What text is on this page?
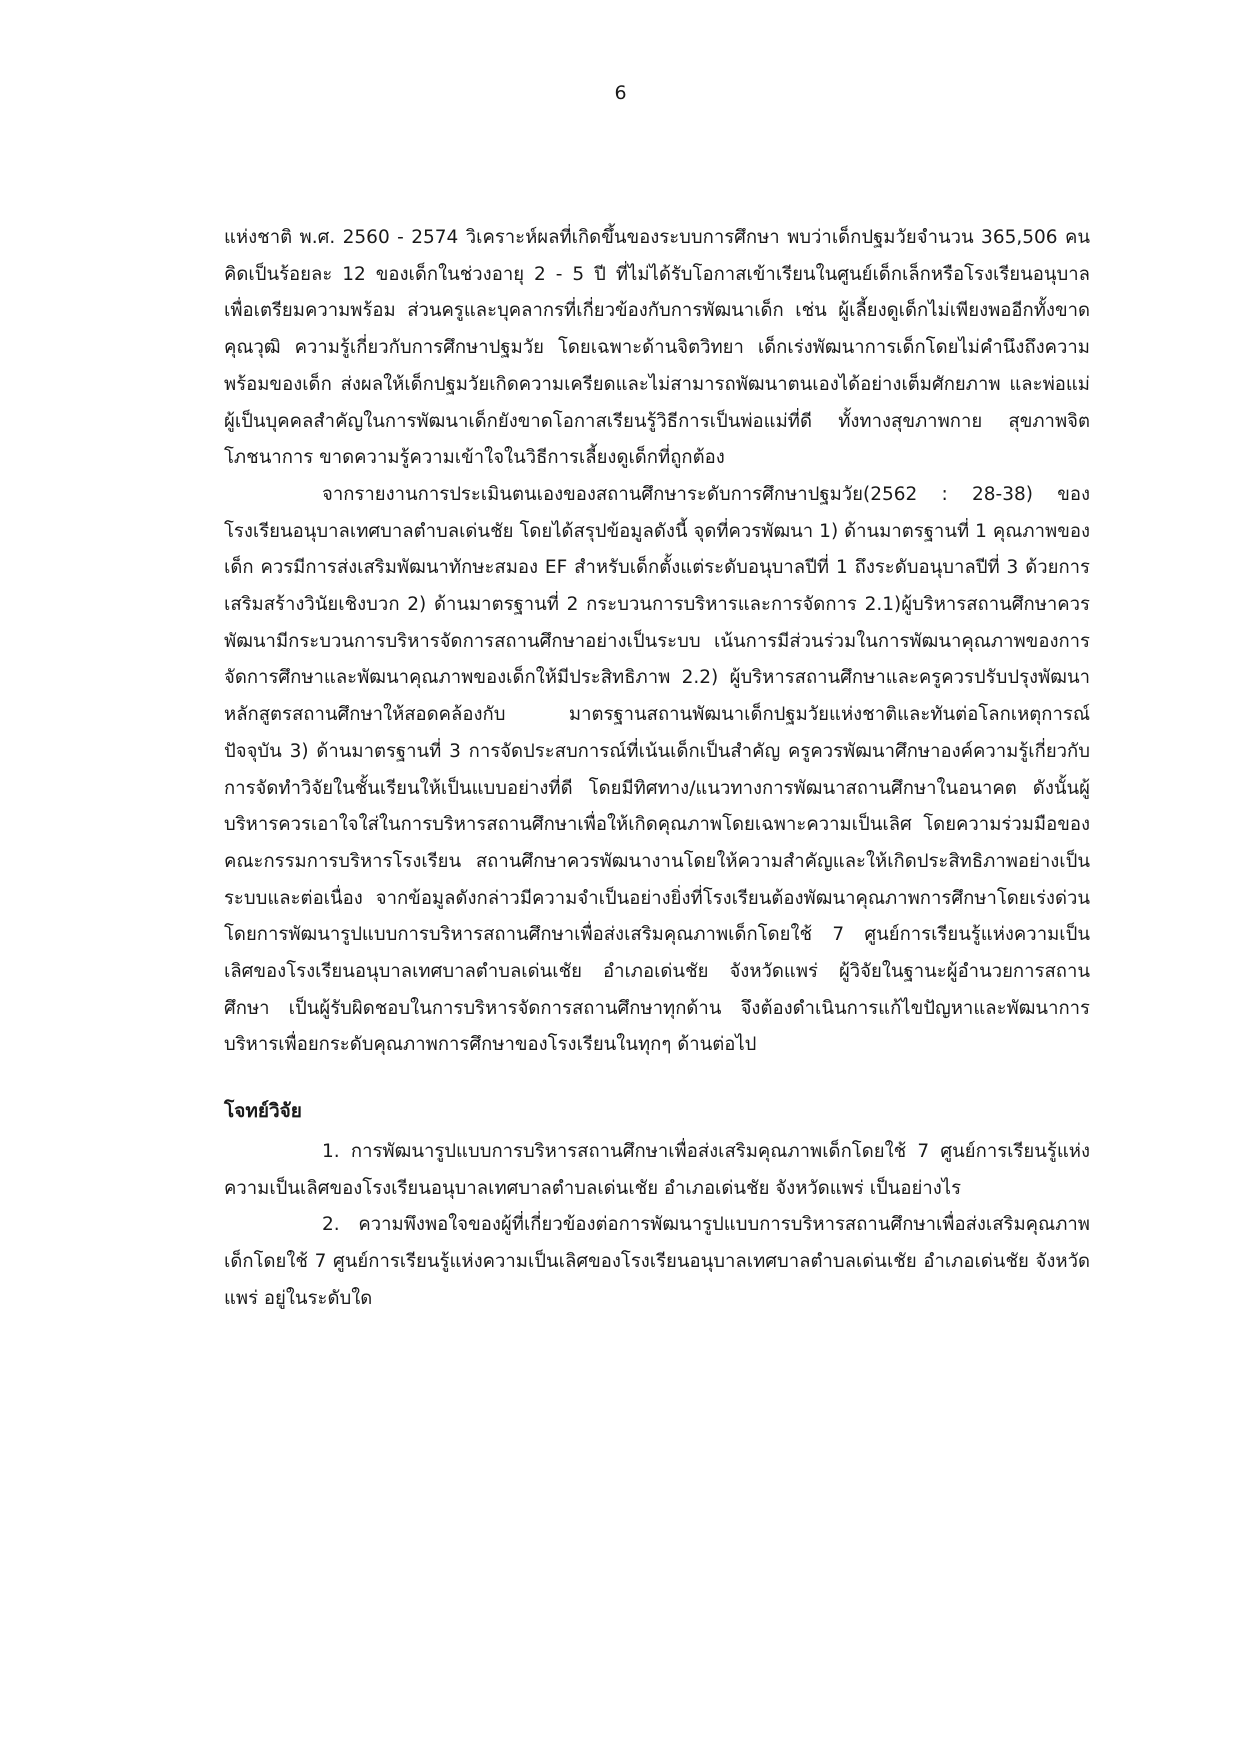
6

แห่งชาติ พ.ศ. 2560 - 2574 วิเคราะห์ผลที่เกิดขึ้นของระบบการศึกษา พบว่าเด็กปฐมวัยจำนวน 365,506 คน คิดเป็นร้อยละ 12 ของเด็กในช่วงอายุ 2 - 5 ปี ที่ไม่ได้รับโอกาสเข้าเรียนในศูนย์เด็กเล็กหรือโรงเรียนอนุบาลเพื่อเตรียมความพร้อม ส่วนครูและบุคลากรที่เกี่ยวข้องกับการพัฒนาเด็ก เช่น ผู้เลี้ยงดูเด็กไม่เพียงพออีกทั้งขาด คุณวุฒิ ความรู้เกี่ยวกับการศึกษาปฐมวัย โดยเฉพาะด้านจิตวิทยา เด็กเร่งพัฒนาการเด็กโดยไม่คำนึงถึงความพร้อมของเด็ก ส่งผลให้เด็กปฐมวัยเกิดความเครียดและไม่สามารถพัฒนาตนเองได้อย่างเต็มศักยภาพ และพ่อแม่ผู้เป็นบุคคลสำคัญในการพัฒนาเด็กยังขาดโอกาสเรียนรู้วิธีการเป็นพ่อแม่ที่ดี ทั้งทางสุขภาพกาย สุขภาพจิต โภชนาการ ขาดความรู้ความเข้าใจในวิธีการเลี้ยงดูเด็กที่ถูกต้อง

จากรายงานการประเมินตนเองของสถานศึกษาระดับการศึกษาปฐมวัย(2562 : 28-38) ของโรงเรียนอนุบาลเทศบาลตำบลเด่นชัย โดยได้สรุปข้อมูลดังนี้ จุดที่ควรพัฒนา 1) ด้านมาตรฐานที่ 1 คุณภาพของเด็ก ควรมีการส่งเสริมพัฒนาทักษะสมอง EF สำหรับเด็กตั้งแต่ระดับอนุบาลปีที่ 1 ถึงระดับอนุบาลปีที่ 3 ด้วยการเสริมสร้างวินัยเชิงบวก 2) ด้านมาตรฐานที่ 2 กระบวนการบริหารและการจัดการ 2.1)ผู้บริหารสถานศึกษาควรพัฒนามีกระบวนการบริหารจัดการสถานศึกษาอย่างเป็นระบบ เน้นการมีส่วนร่วมในการพัฒนาคุณภาพของการจัดการศึกษาและพัฒนาคุณภาพของเด็กให้มีประสิทธิภาพ 2.2) ผู้บริหารสถานศึกษาและครูควรปรับปรุงพัฒนาหลักสูตรสถานศึกษาให้สอดคล้องกับ มาตรฐานสถานพัฒนาเด็กปฐมวัยแห่งชาติและทันต่อโลกเหตุการณ์ปัจจุบัน 3) ด้านมาตรฐานที่ 3 การจัดประสบการณ์ที่เน้นเด็กเป็นสำคัญ ครูควรพัฒนาศึกษาองค์ความรู้เกี่ยวกับการจัดทำวิจัยในชั้นเรียนให้เป็นแบบอย่างที่ดี โดยมีทิศทาง/แนวทางการพัฒนาสถานศึกษาในอนาคต ดังนั้นผู้บริหารควรเอาใจใส่ในการบริหารสถานศึกษาเพื่อให้เกิดคุณภาพโดยเฉพาะความเป็นเลิศ โดยความร่วมมือของคณะกรรมการบริหารโรงเรียน สถานศึกษาควรพัฒนางานโดยให้ความสำคัญและให้เกิดประสิทธิภาพอย่างเป็นระบบและต่อเนื่อง จากข้อมูลดังกล่าวมีความจำเป็นอย่างยิ่งที่โรงเรียนต้องพัฒนาคุณภาพการศึกษาโดยเร่งด่วน โดยการพัฒนารูปแบบการบริหารสถานศึกษาเพื่อส่งเสริมคุณภาพเด็กโดยใช้ 7 ศูนย์การเรียนรู้แห่งความเป็นเลิศของโรงเรียนอนุบาลเทศบาลตำบลเด่นเชัย อำเภอเด่นชัย จังหวัดแพร่ ผู้วิจัยในฐานะผู้อำนวยการสถานศึกษา เป็นผู้รับผิดชอบในการบริหารจัดการสถานศึกษาทุกด้าน จึงต้องดำเนินการแก้ไขปัญหาและพัฒนาการบริหารเพื่อยกระดับคุณภาพการศึกษาของโรงเรียนในทุกๆ ด้านต่อไป

โจทย์วิจัย

1. การพัฒนารูปแบบการบริหารสถานศึกษาเพื่อส่งเสริมคุณภาพเด็กโดยใช้ 7 ศูนย์การเรียนรู้แห่งความเป็นเลิศของโรงเรียนอนุบาลเทศบาลตำบลเด่นเชัย อำเภอเด่นชัย จังหวัดแพร่ เป็นอย่างไร

2. ความพึงพอใจของผู้ที่เกี่ยวข้องต่อการพัฒนารูปแบบการบริหารสถานศึกษาเพื่อส่งเสริมคุณภาพเด็กโดยใช้ 7 ศูนย์การเรียนรู้แห่งความเป็นเลิศของโรงเรียนอนุบาลเทศบาลตำบลเด่นเชัย อำเภอเด่นชัย จังหวัดแพร่ อยู่ในระดับใด
